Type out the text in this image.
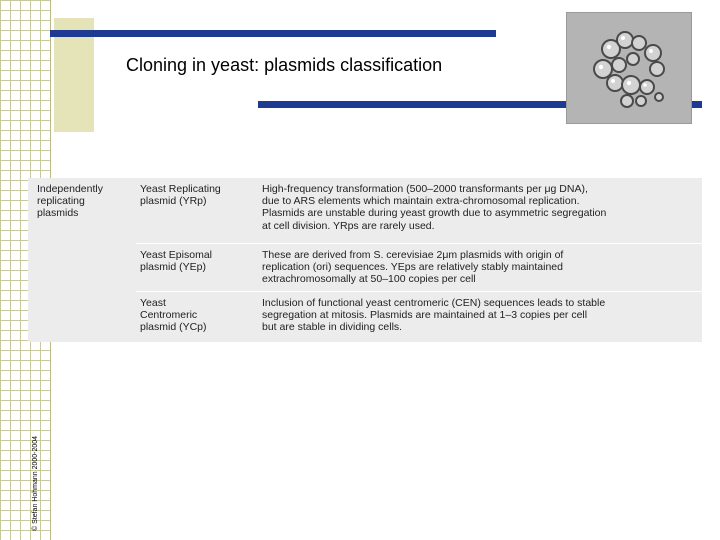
Cloning in yeast: plasmids classification
© Stefan Hohmann 2000-2004
Independently
replicating
plasmids
Yeast Replicating
plasmid (YRp)
High-frequency transformation (500–2000 transformants per μg DNA),
due to ARS elements which maintain extra-chromosomal replication.
Plasmids are unstable during yeast growth due to asymmetric segregation
at cell division. YRps are rarely used.
Yeast Episomal
plasmid (YEp)
These are derived from S. cerevisiae 2μm plasmids with origin of
replication (ori) sequences. YEps are relatively stably maintained
extrachromosomally at 50–100 copies per cell
Yeast
Centromeric
plasmid (YCp)
Inclusion of functional yeast centromeric (CEN) sequences leads to stable
segregation at mitosis. Plasmids are maintained at 1–3 copies per cell
but are stable in dividing cells.
